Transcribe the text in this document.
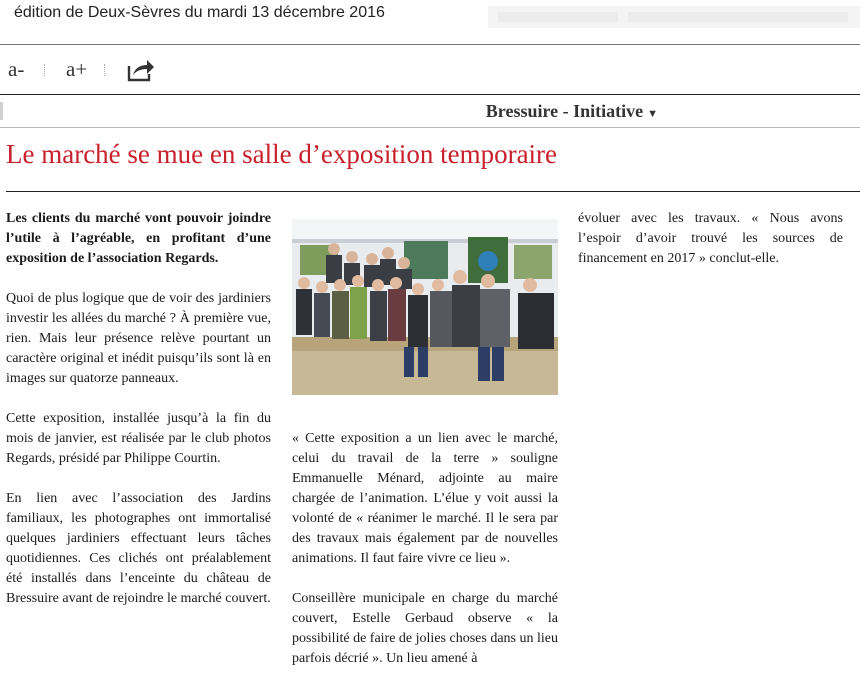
édition de Deux-Sèvres du mardi 13 décembre 2016
a- a+
Bressuire - Initiative ▼
Le marché se mue en salle d’exposition temporaire

Les clients du marché vont pouvoir joindre l’utile à l’agréable, en profitant d’une exposition de l’association Regards.

Quoi de plus logique que de voir des jardiniers investir les allées du marché ? À première vue, rien. Mais leur présence relève pourtant un caractère original et inédit puisqu’ils sont là en images sur quatorze panneaux.

Cette exposition, installée jusqu’à la fin du mois de janvier, est réalisée par le club photos Regards, présidé par Philippe Courtin.

En lien avec l’association des Jardins familiaux, les photographes ont immortalisé quelques jardiniers effectuant leurs tâches quotidiennes. Ces clichés ont préalablement été installés dans l’enceinte du château de Bressuire avant de rejoindre le marché couvert.

« Cette exposition a un lien avec le marché, celui du travail de la terre » souligne Emmanuelle Ménard, adjointe au maire chargée de l’animation. L’élue y voit aussi la volonté de « réanimer le marché. Il le sera par des travaux mais également par de nouvelles animations. Il faut faire vivre ce lieu ».

Conseillère municipale en charge du marché couvert, Estelle Gerbaud observe « la possibilité de faire de jolies choses dans un lieu parfois décrié ». Un lieu amené à

évoluer avec les travaux. « Nous avons l’espoir d’avoir trouvé les sources de financement en 2017 » conclut-elle.
